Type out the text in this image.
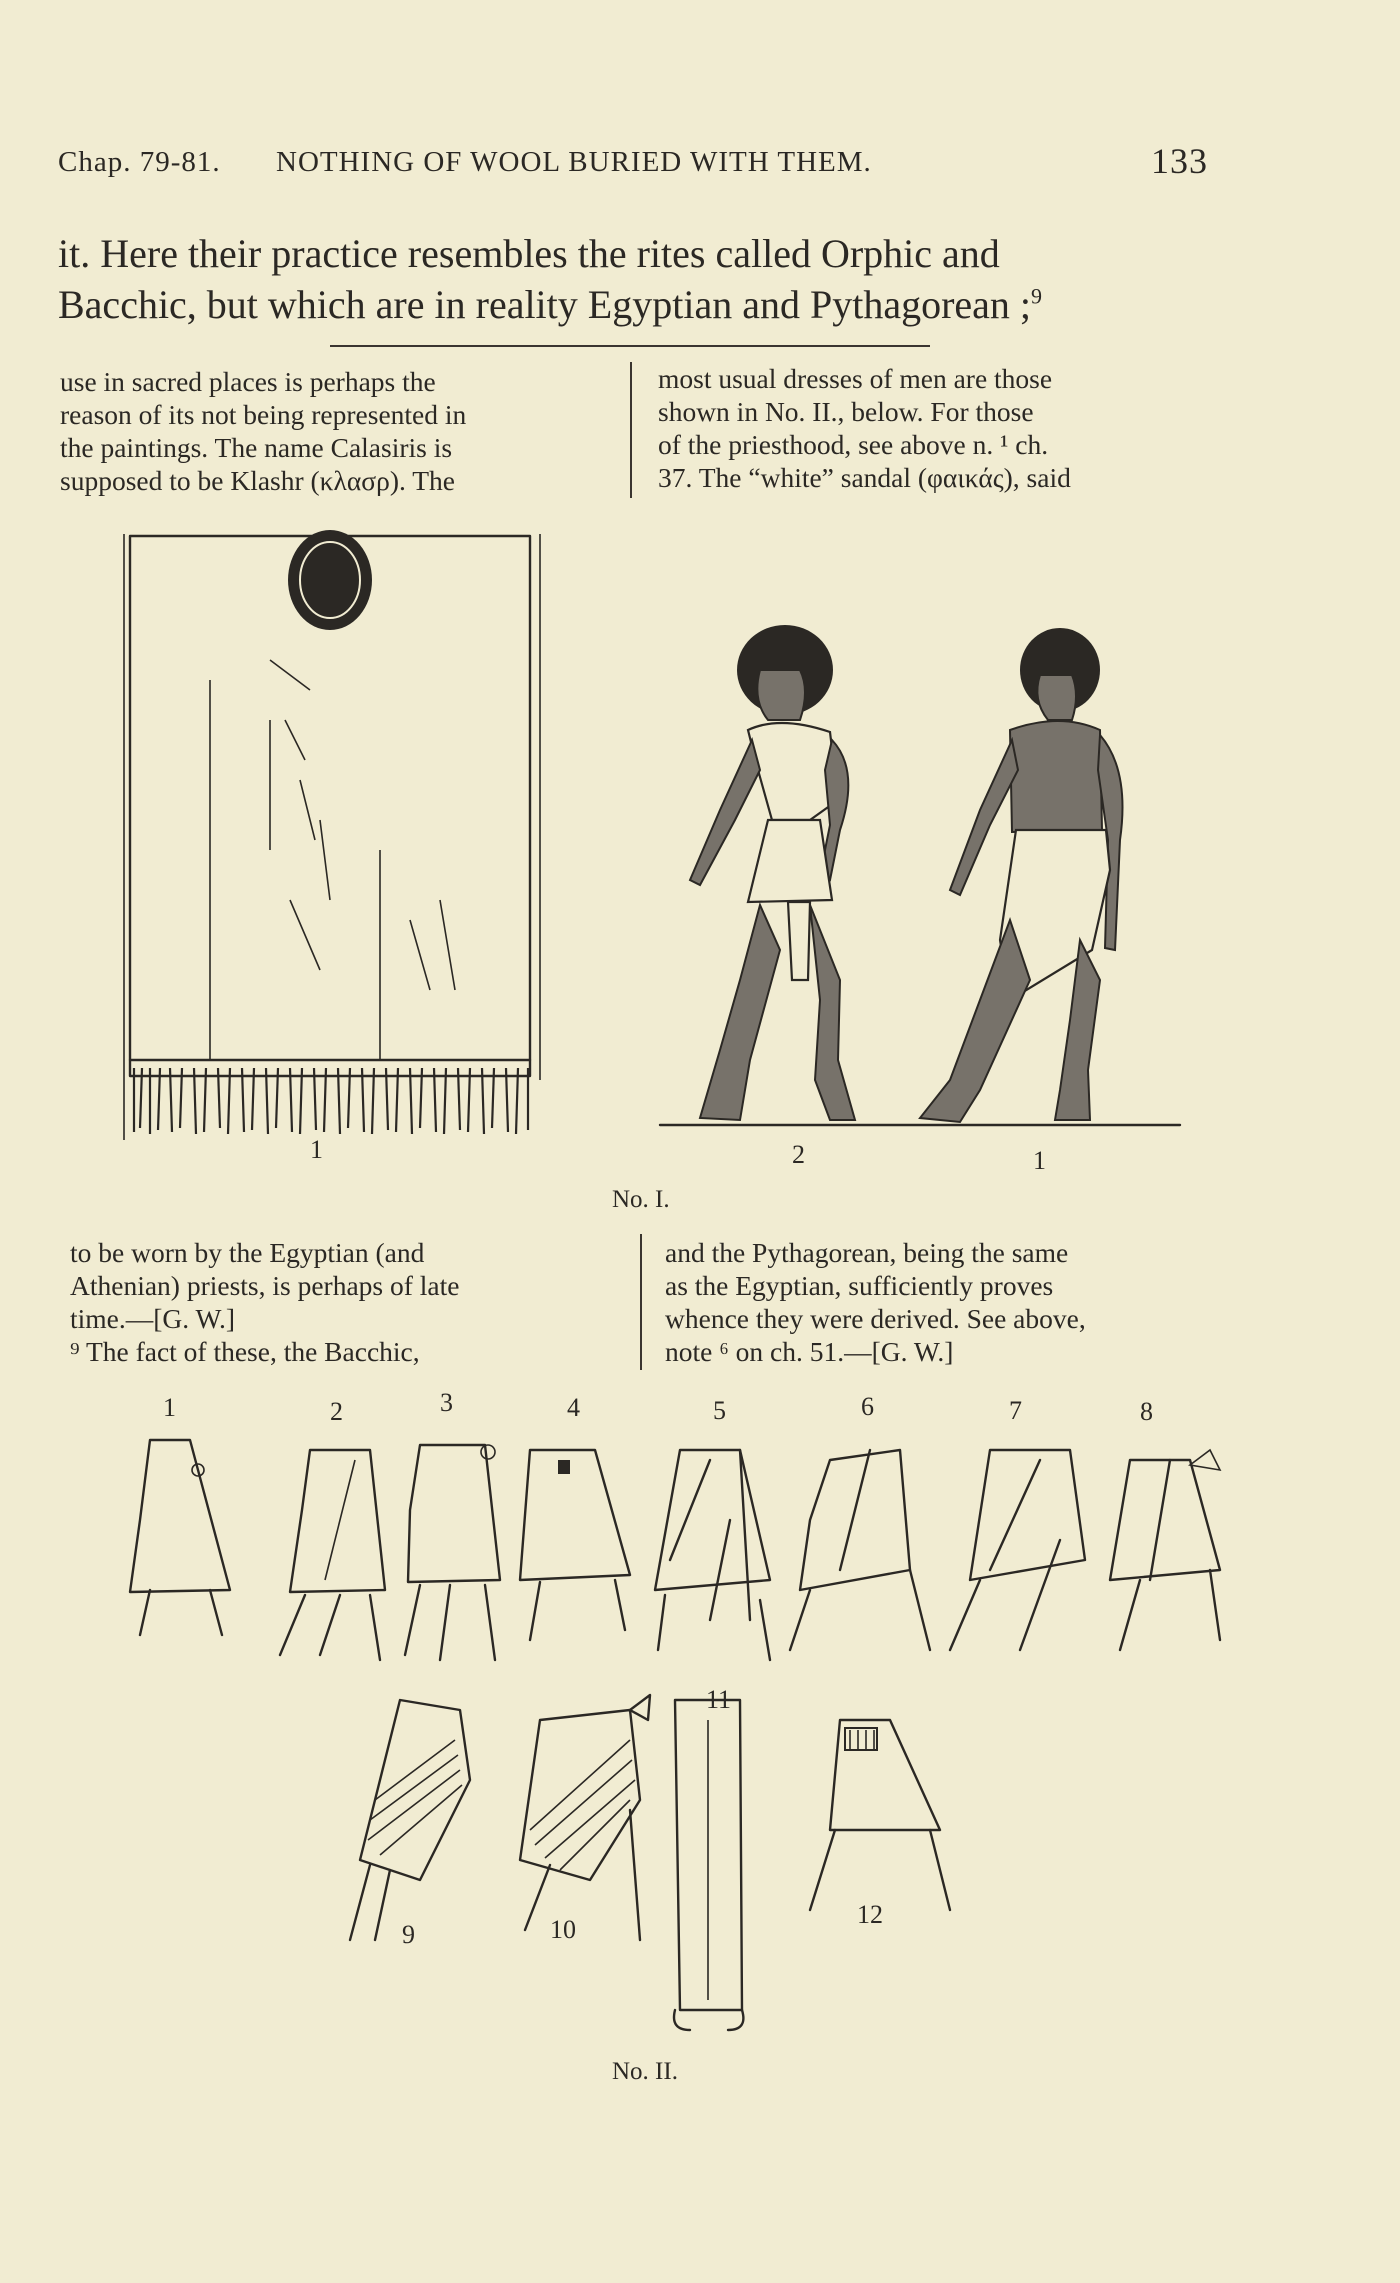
Chap. 79-81. NOTHING OF WOOL BURIED WITH THEM.	133
it. Here their practice resembles the rites called Orphic and
Bacchic, but which are in reality Egyptian and Pythagorean ;$^9$
use in sacred places is perhaps the
reason of its not being represented in
the paintings. The name Calasiris is
supposed to be Klashr (κλασρ). The
most usual dresses of men are those
shown in No. II., below. For those
of the priesthood, see above n. ¹ ch.
37. The “white” sandal (φαικάς), said
1	2	1
No. I.
to be worn by the Egyptian (and
Athenian) priests, is perhaps of late
time.—[G. W.]
⁹ The fact of these, the Bacchic,
and the Pythagorean, being the same
as the Egyptian, sufficiently proves
whence they were derived. See above,
note ⁶ on ch. 51.—[G. W.]
1	2	3	4	5	6	7	8
9	10
11
12
No. II.
